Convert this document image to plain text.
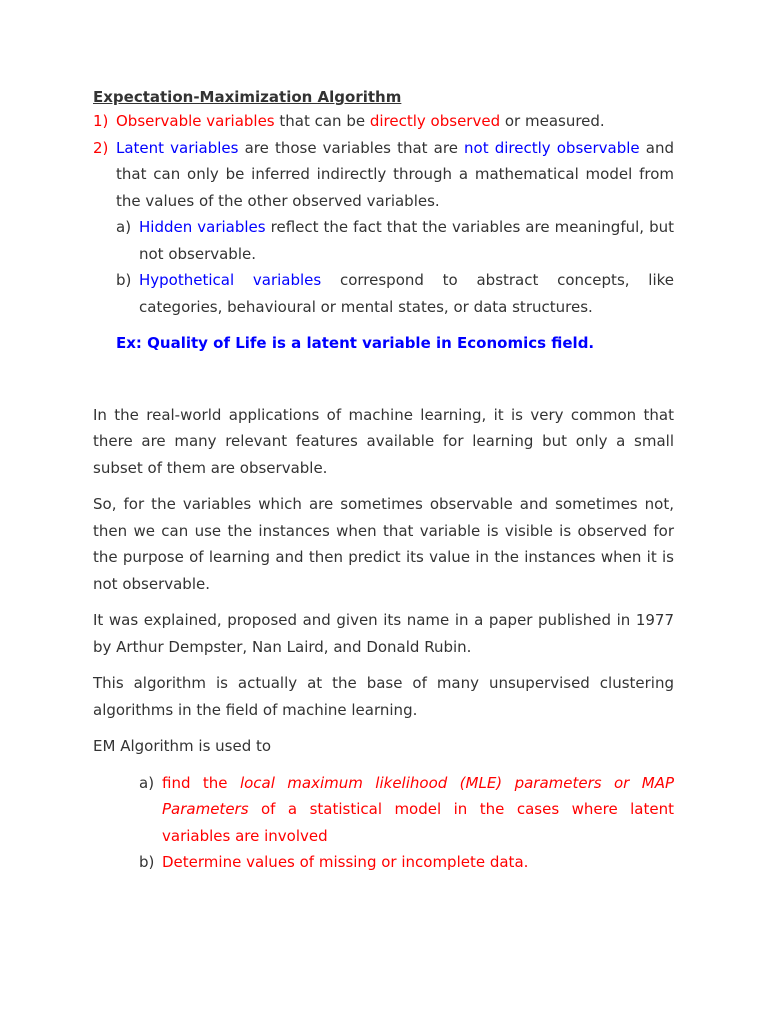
Expectation-Maximization Algorithm
1) Observable variables that can be directly observed or measured.
2) Latent variables are those variables that are not directly observable and that can only be inferred indirectly through a mathematical model from the values of the other observed variables.
a) Hidden variables reflect the fact that the variables are meaningful, but not observable.
b) Hypothetical variables correspond to abstract concepts, like categories, behavioural or mental states, or data structures.
Ex: Quality of Life is a latent variable in Economics field.

In the real-world applications of machine learning, it is very common that there are many relevant features available for learning but only a small subset of them are observable.

So, for the variables which are sometimes observable and sometimes not, then we can use the instances when that variable is visible is observed for the purpose of learning and then predict its value in the instances when it is not observable.

It was explained, proposed and given its name in a paper published in 1977 by Arthur Dempster, Nan Laird, and Donald Rubin.

This algorithm is actually at the base of many unsupervised clustering algorithms in the field of machine learning.

EM Algorithm is used to

a) find the local maximum likelihood (MLE) parameters or MAP Parameters of a statistical model in the cases where latent variables are involved
b) Determine values of missing or incomplete data.
